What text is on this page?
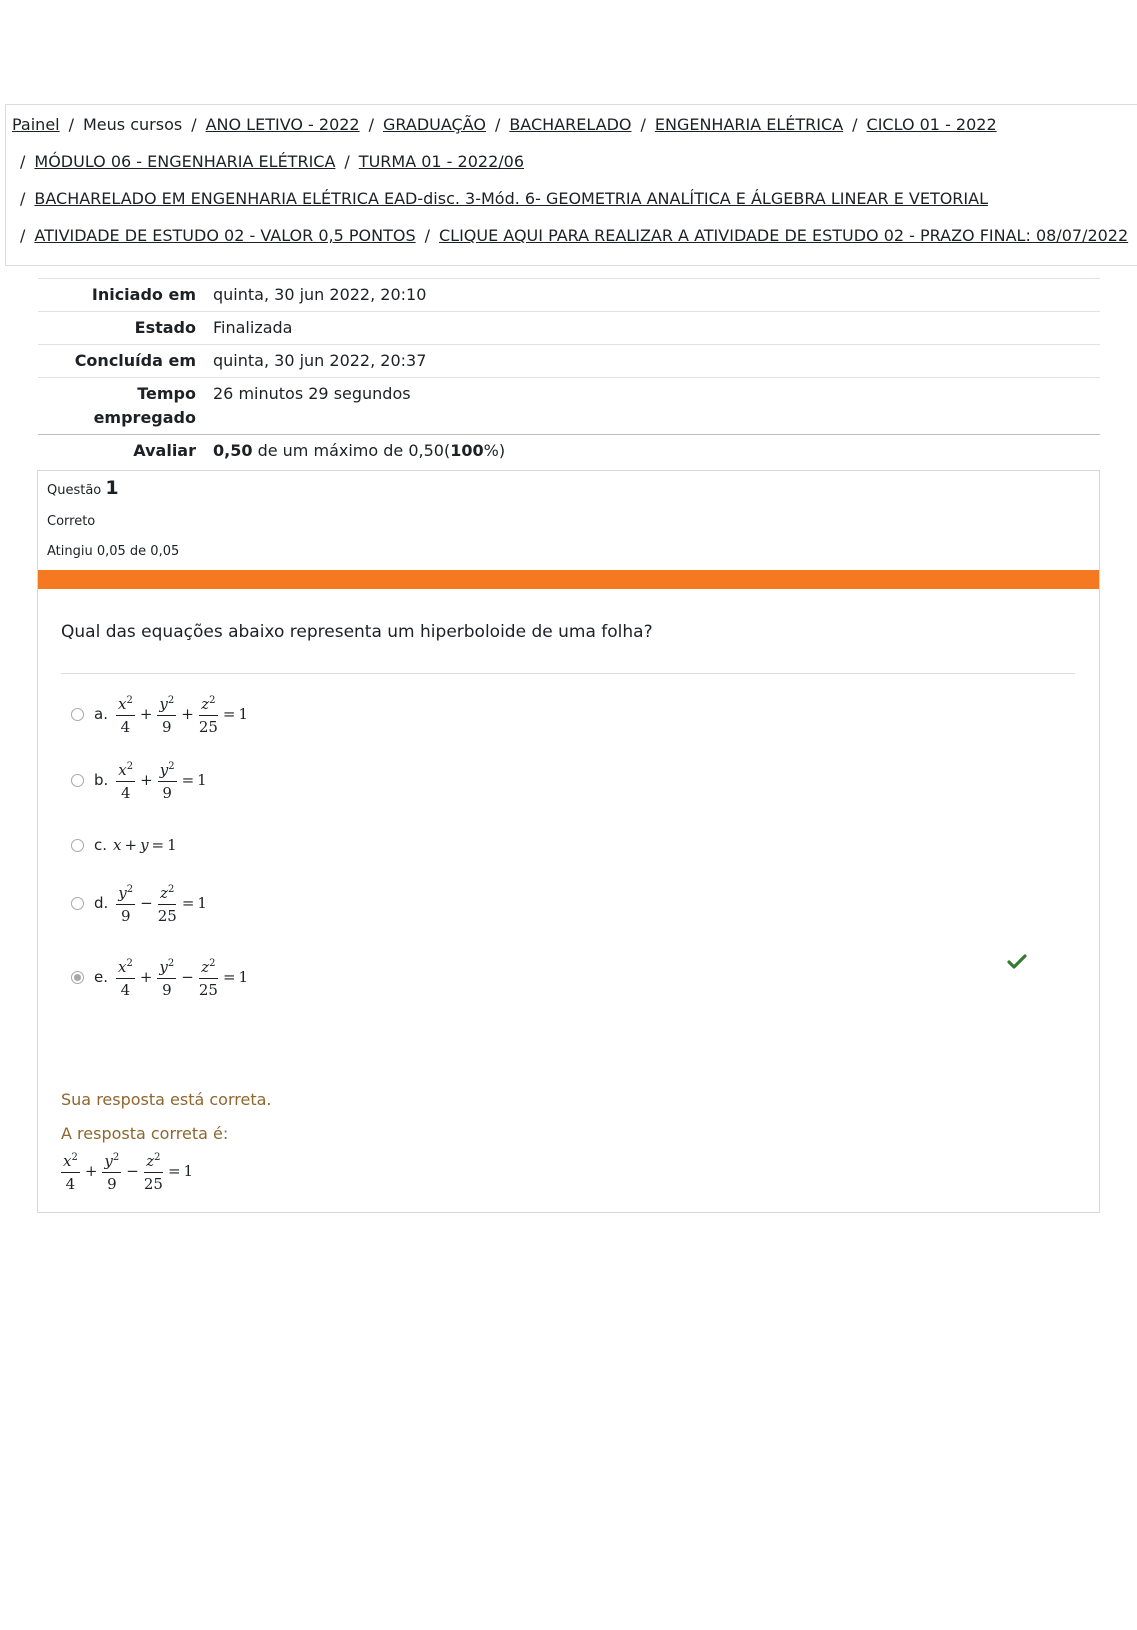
Painel / Meus cursos / ANO LETIVO - 2022 / GRADUAÇÃO / BACHARELADO / ENGENHARIA ELÉTRICA / CICLO 01 - 2022
/ MÓDULO 06 - ENGENHARIA ELÉTRICA / TURMA 01 - 2022/06
/ BACHARELADO EM ENGENHARIA ELÉTRICA EAD-disc. 3-Mód. 6- GEOMETRIA ANALÍTICA E ÁLGEBRA LINEAR E VETORIAL
/ ATIVIDADE DE ESTUDO 02 - VALOR 0,5 PONTOS / CLIQUE AQUI PARA REALIZAR A ATIVIDADE DE ESTUDO 02 - PRAZO FINAL: 08/07/2022
Iniciado em	quinta, 30 jun 2022, 20:10
Estado	Finalizada
Concluída em	quinta, 30 jun 2022, 20:37
Tempo
empregado	26 minutos 29 segundos
Avaliar	0,50 de um máximo de 0,50(100%)
Questão 1
Correto
Atingiu 0,05 de 0,05
Qual das equações abaixo representa um hiperboloide de uma folha?
a. $\frac{x^2}{4} + \frac{y^2}{9} + \frac{z^2}{25} = 1$
b. $\frac{x^2}{4} + \frac{y^2}{9} = 1$
c. x + y = 1
d. $\frac{y^2}{9} - \frac{z^2}{25} = 1$
e. $\frac{x^2}{4} + \frac{y^2}{9} - \frac{z^2}{25} = 1$
Sua resposta está correta.
A resposta correta é:
$\frac{x^2}{4} + \frac{y^2}{9} - \frac{z^2}{25} = 1$
